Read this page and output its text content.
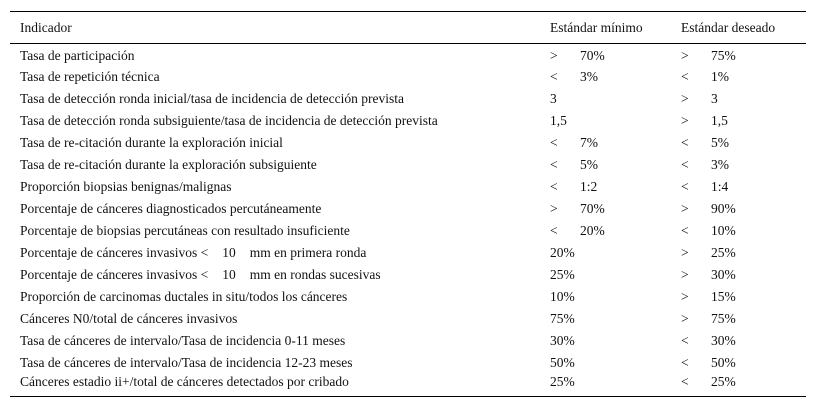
Indicador	Estándar mínimo	Estándar deseado
Tasa de participación	> 70%	> 75%
Tasa de repetición técnica	< 3%	< 1%
Tasa de detección ronda inicial/tasa de incidencia de detección prevista	3	> 3
Tasa de detección ronda subsiguiente/tasa de incidencia de detección prevista	1,5	> 1,5
Tasa de re-citación durante la exploración inicial	< 7%	< 5%
Tasa de re-citación durante la exploración subsiguiente	< 5%	< 3%
Proporción biopsias benignas/malignas	< 1:2	< 1:4
Porcentaje de cánceres diagnosticados percutáneamente	> 70%	> 90%
Porcentaje de biopsias percutáneas con resultado insuficiente	< 20%	< 10%
Porcentaje de cánceres invasivos < 10 mm en primera ronda	20%	> 25%
Porcentaje de cánceres invasivos < 10 mm en rondas sucesivas	25%	> 30%
Proporción de carcinomas ductales in situ/todos los cánceres	10%	> 15%
Cánceres N0/total de cánceres invasivos	75%	> 75%
Tasa de cánceres de intervalo/Tasa de incidencia 0-11 meses	30%	< 30%
Tasa de cánceres de intervalo/Tasa de incidencia 12-23 meses	50%	< 50%
Cánceres estadio ii+/total de cánceres detectados por cribado	25%	< 25%
